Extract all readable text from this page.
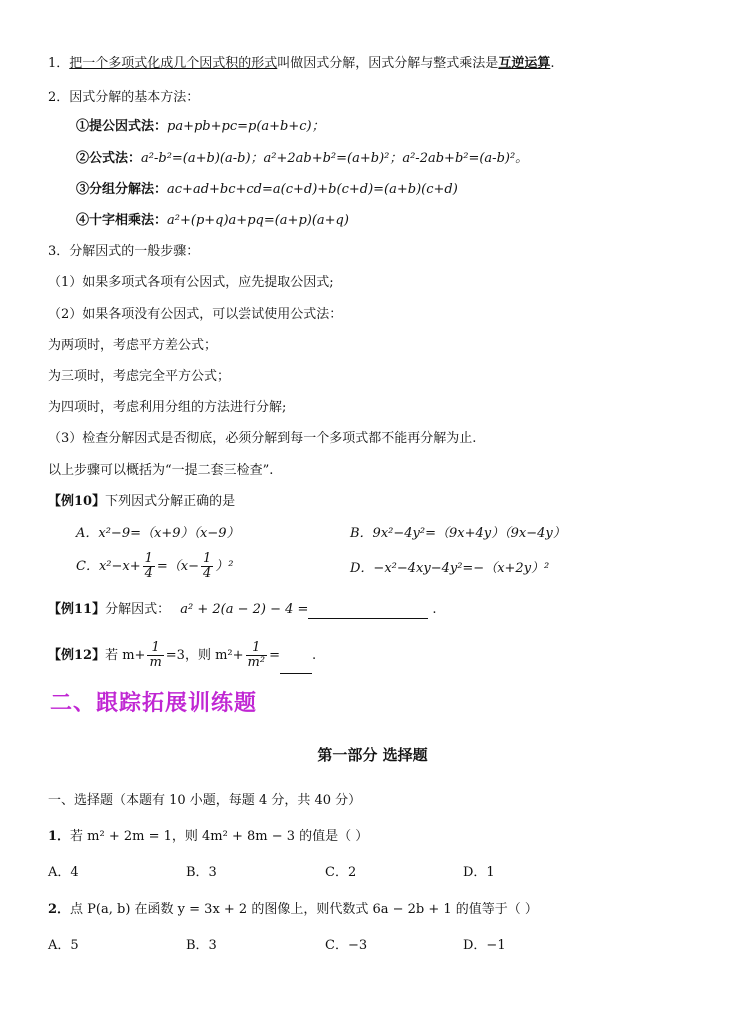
1．把一个多项式化成几个因式积的形式叫做因式分解，因式分解与整式乘法是互逆运算.
2．因式分解的基本方法：
①提公因式法：pa+pb+pc=p(a+b+c)；
②公式法：a²-b²=(a+b)(a-b)；a²+2ab+b²=(a+b)²；a²-2ab+b²=(a-b)²。
③分组分解法：ac+ad+bc+cd=a(c+d)+b(c+d)=(a+b)(c+d)
④十字相乘法：a²+(p+q)a+pq=(a+p)(a+q)
3．分解因式的一般步骤：
（1）如果多项式各项有公因式，应先提取公因式;
（2）如果各项没有公因式，可以尝试使用公式法：
为两项时，考虑平方差公式；
为三项时，考虑完全平方公式；
为四项时，考虑利用分组的方法进行分解;
（3）检查分解因式是否彻底，必须分解到每一个多项式都不能再分解为止.
以上步骤可以概括为“一提二套三检查”.
【例10】下列因式分解正确的是
A．x²−9=（x+9）（x−9）	B．9x²−4y²=（9x+4y）（9x−4y）
C．$x^2-x+ \frac{1}{4} =(x- \frac{1}{4} )^2$	D．−x²−4xy−4y²=−（x+2y）²
【例11】分解因式： a² + 2(a − 2) − 4 =	.
【例12】若 $m+ \frac{1}{m} =3$，则 $m^2+ \frac{1}{\text{m²}}$ = .
二、跟踪拓展训练题
第一部分 选择题
一、选择题（本题有 10 小题，每题 4 分，共 40 分）
1．若 m² + 2m = 1，则 4m² + 8m − 3 的值是（ ）
A．4	B．3	C．2	D．1
2．点 P(a, b) 在函数 y = 3x + 2 的图像上，则代数式 6a − 2b + 1 的值等于（ ）
A．5	B．3	C．−3	D．−1
